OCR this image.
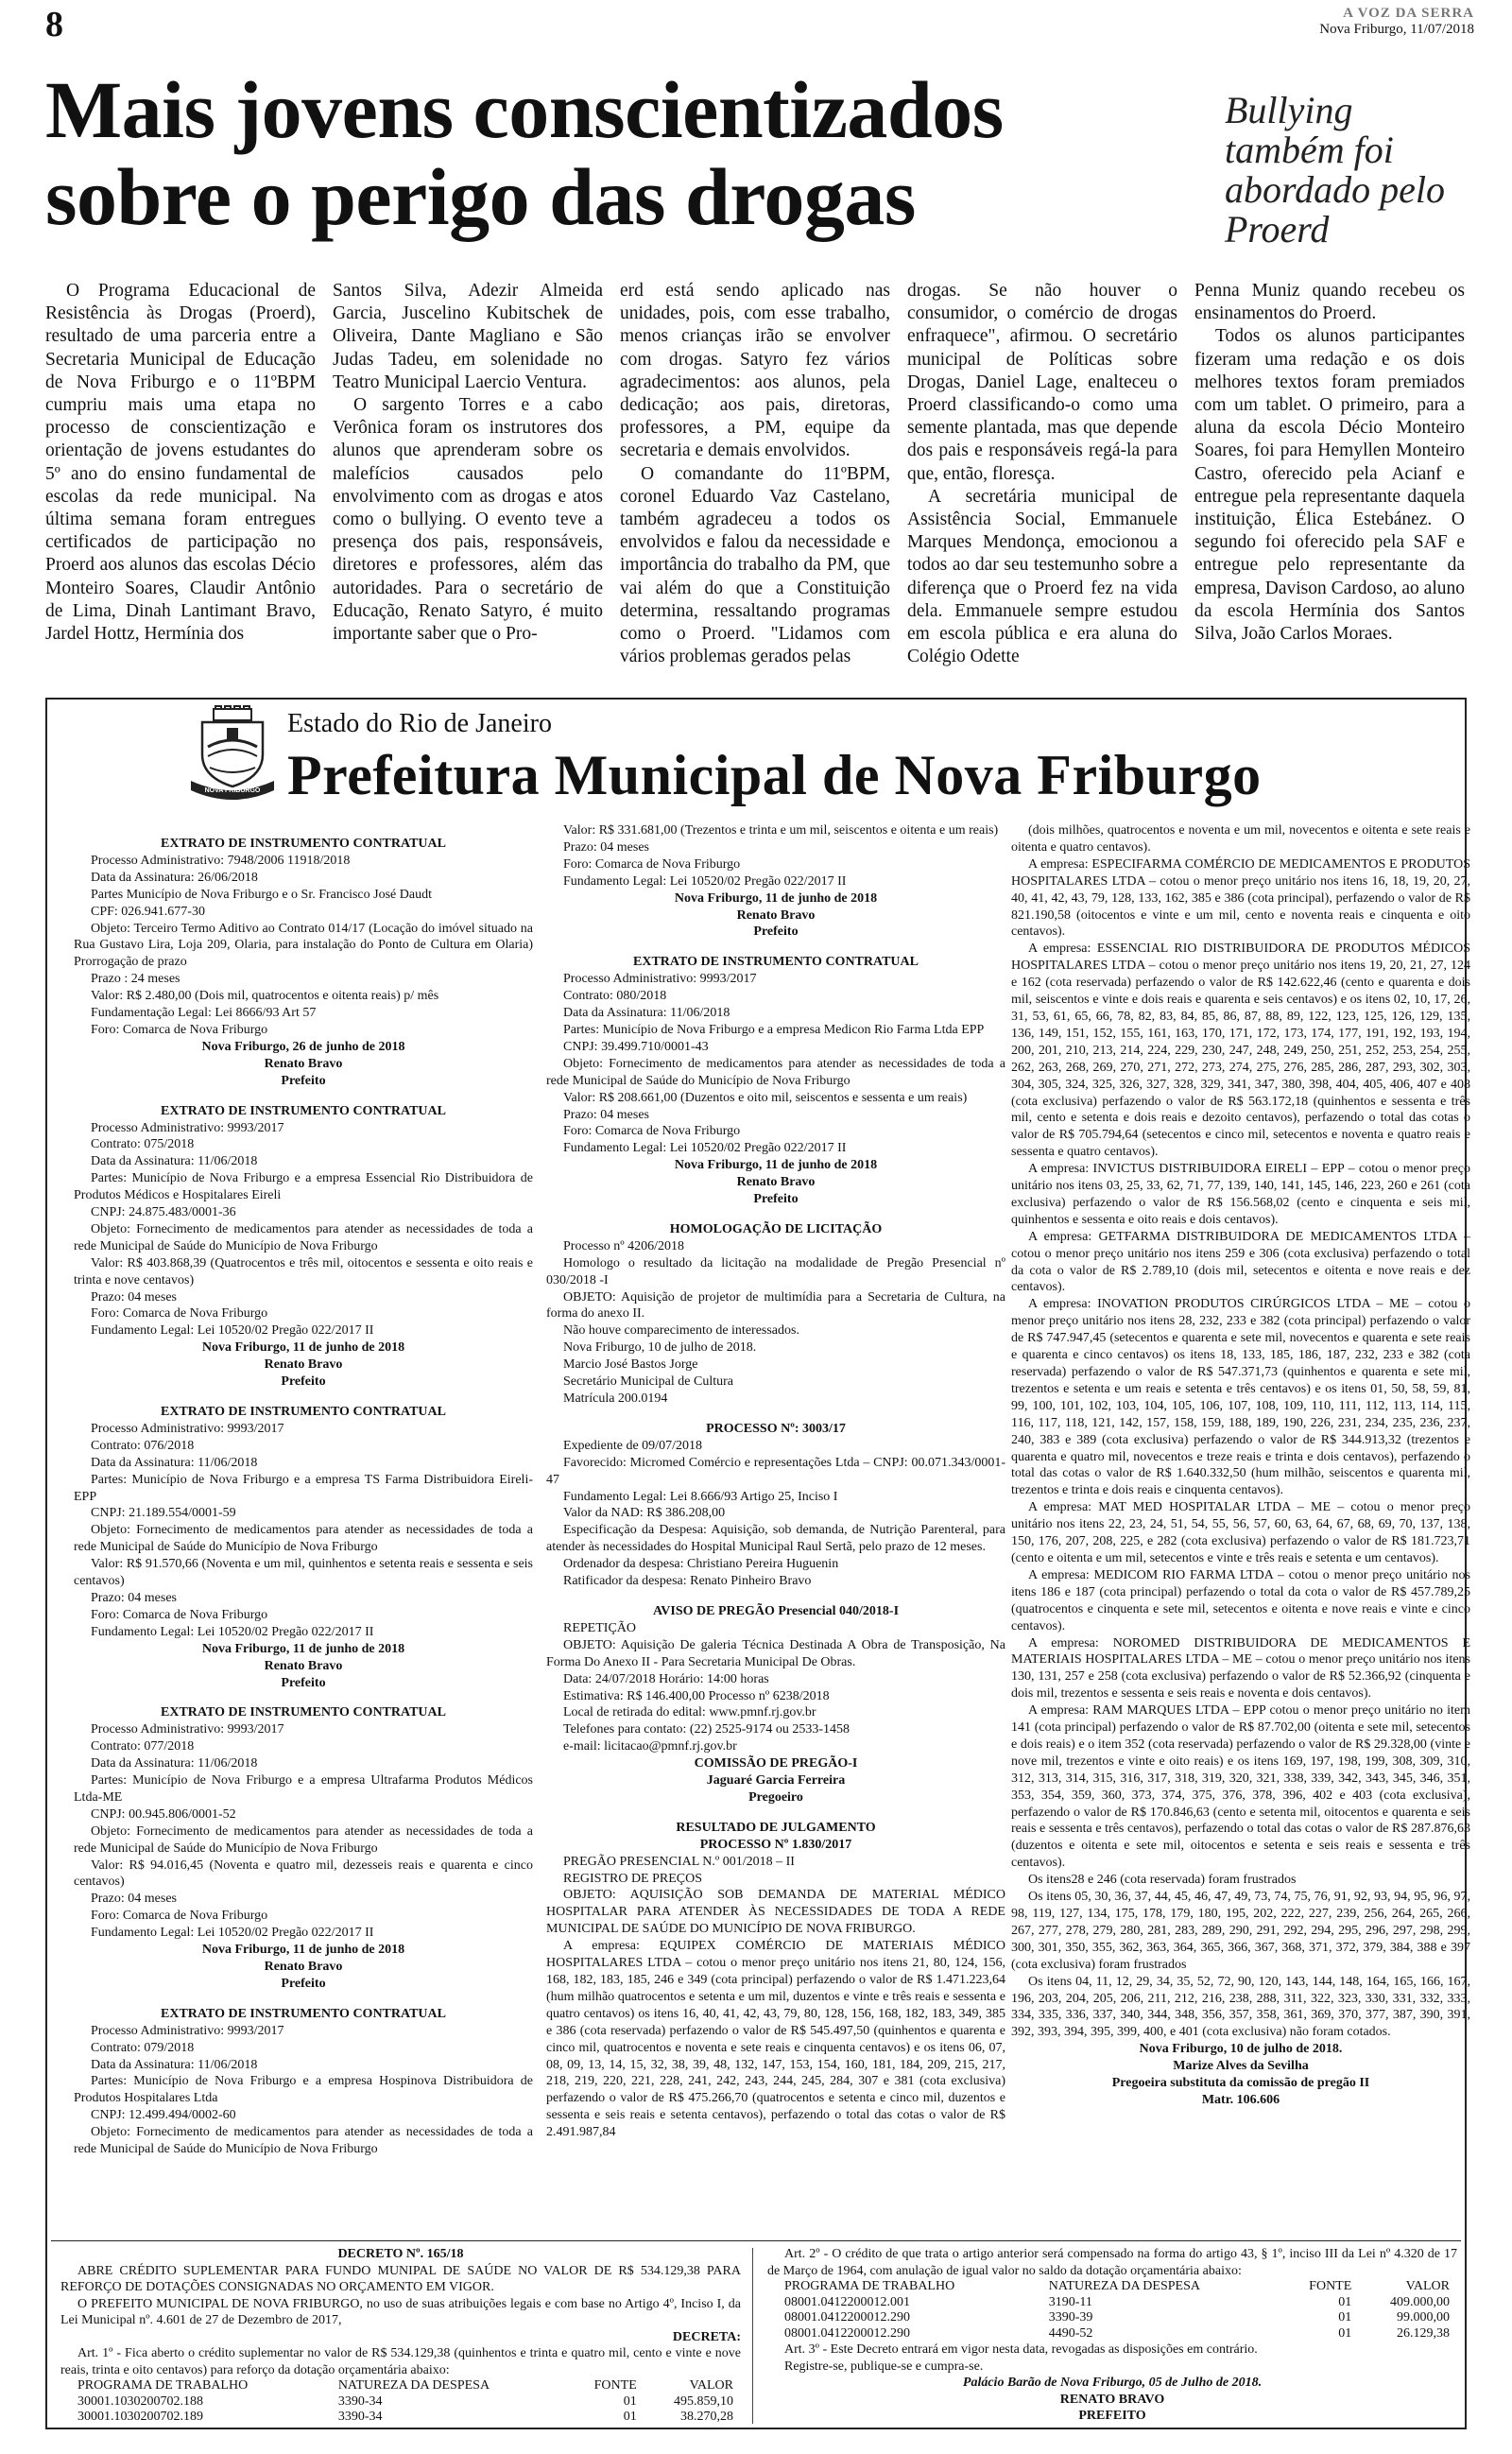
8	A VOZ DA SERRA
Nova Friburgo, 11/07/2018
Mais jovens conscientizados sobre o perigo das drogas
Bullying também foi abordado pelo Proerd

O Programa Educacional de Resistência às Drogas (Proerd), resultado de uma parceria entre a Secretaria Municipal de Educação de Nova Friburgo e o 11ºBPM cumpriu mais uma etapa no processo de conscientização e orientação de jovens estudantes do 5º ano do ensino fundamental de escolas da rede municipal. Na última semana foram entregues certificados de participação no Proerd aos alunos das escolas Décio Monteiro Soares, Claudir Antônio de Lima, Dinah Lantimant Bravo, Jardel Hottz, Hermínia dos

Santos Silva, Adezir Almeida Garcia, Juscelino Kubitschek de Oliveira, Dante Magliano e São Judas Tadeu, em solenidade no Teatro Municipal Laercio Ventura.

O sargento Torres e a cabo Verônica foram os instrutores dos alunos que aprenderam sobre os malefícios causados pelo envolvimento com as drogas e atos como o bullying. O evento teve a presença dos pais, responsáveis, diretores e professores, além das autoridades. Para o secretário de Educação, Renato Satyro, é muito importante saber que o Pro-

erd está sendo aplicado nas unidades, pois, com esse trabalho, menos crianças irão se envolver com drogas. Satyro fez vários agradecimentos: aos alunos, pela dedicação; aos pais, diretoras, professores, a PM, equipe da secretaria e demais envolvidos.

O comandante do 11ºBPM, coronel Eduardo Vaz Castelano, também agradeceu a todos os envolvidos e falou da necessidade e importância do trabalho da PM, que vai além do que a Constituição determina, ressaltando programas como o Proerd. "Lidamos com vários problemas gerados pelas

drogas. Se não houver o consumidor, o comércio de drogas enfraquece", afirmou. O secretário municipal de Políticas sobre Drogas, Daniel Lage, enalteceu o Proerd classificando-o como uma semente plantada, mas que depende dos pais e responsáveis regá-la para que, então, floresça.

A secretária municipal de Assistência Social, Emmanuele Marques Mendonça, emocionou a todos ao dar seu testemunho sobre a diferença que o Proerd fez na vida dela. Emmanuele sempre estudou em escola pública e era aluna do Colégio Odette

Penna Muniz quando recebeu os ensinamentos do Proerd.

Todos os alunos participantes fizeram uma redação e os dois melhores textos foram premiados com um tablet. O primeiro, para a aluna da escola Décio Monteiro Soares, foi para Hemyllen Monteiro Castro, oferecido pela Acianf e entregue pela representante daquela instituição, Élica Estebánez. O segundo foi oferecido pela SAF e entregue pelo representante da empresa, Davison Cardoso, ao aluno da escola Hermínia dos Santos Silva, João Carlos Moraes.

NOVA FRIBURGO
Estado do Rio de Janeiro
Prefeitura Municipal de Nova Friburgo

EXTRATO DE INSTRUMENTO CONTRATUAL

Processo Administrativo: 7948/2006 11918/2018

Data da Assinatura: 26/06/2018

Partes Município de Nova Friburgo e o Sr. Francisco José Daudt

CPF: 026.941.677-30

Objeto: Terceiro Termo Aditivo ao Contrato 014/17 (Locação do imóvel situado na Rua Gustavo Lira, Loja 209, Olaria, para instalação do Ponto de Cultura em Olaria) Prorrogação de prazo

Prazo : 24 meses

Valor: R$ 2.480,00 (Dois mil, quatrocentos e oitenta reais) p/ mês

Fundamentação Legal: Lei 8666/93 Art 57

Foro: Comarca de Nova Friburgo

Nova Friburgo, 26 de junho de 2018

Renato Bravo

Prefeito

EXTRATO DE INSTRUMENTO CONTRATUAL

Processo Administrativo: 9993/2017

Contrato: 075/2018

Data da Assinatura: 11/06/2018

Partes: Município de Nova Friburgo e a empresa Essencial Rio Distribuidora de Produtos Médicos e Hospitalares Eireli

CNPJ: 24.875.483/0001-36

Objeto: Fornecimento de medicamentos para atender as necessidades de toda a rede Municipal de Saúde do Município de Nova Friburgo

Valor: R$ 403.868,39 (Quatrocentos e três mil, oitocentos e sessenta e oito reais e trinta e nove centavos)

Prazo: 04 meses

Foro: Comarca de Nova Friburgo

Fundamento Legal: Lei 10520/02 Pregão 022/2017 II

Nova Friburgo, 11 de junho de 2018

Renato Bravo

Prefeito

EXTRATO DE INSTRUMENTO CONTRATUAL

Processo Administrativo: 9993/2017

Contrato: 076/2018

Data da Assinatura: 11/06/2018

Partes: Município de Nova Friburgo e a empresa TS Farma Distribuidora Eireli-EPP

CNPJ: 21.189.554/0001-59

Objeto: Fornecimento de medicamentos para atender as necessidades de toda a rede Municipal de Saúde do Município de Nova Friburgo

Valor: R$ 91.570,66 (Noventa e um mil, quinhentos e setenta reais e sessenta e seis centavos)

Prazo: 04 meses

Foro: Comarca de Nova Friburgo

Fundamento Legal: Lei 10520/02 Pregão 022/2017 II

Nova Friburgo, 11 de junho de 2018

Renato Bravo

Prefeito

EXTRATO DE INSTRUMENTO CONTRATUAL

Processo Administrativo: 9993/2017

Contrato: 077/2018

Data da Assinatura: 11/06/2018

Partes: Município de Nova Friburgo e a empresa Ultrafarma Produtos Médicos Ltda-ME

CNPJ: 00.945.806/0001-52

Objeto: Fornecimento de medicamentos para atender as necessidades de toda a rede Municipal de Saúde do Município de Nova Friburgo

Valor: R$ 94.016,45 (Noventa e quatro mil, dezesseis reais e quarenta e cinco centavos)

Prazo: 04 meses

Foro: Comarca de Nova Friburgo

Fundamento Legal: Lei 10520/02 Pregão 022/2017 II

Nova Friburgo, 11 de junho de 2018

Renato Bravo

Prefeito

EXTRATO DE INSTRUMENTO CONTRATUAL

Processo Administrativo: 9993/2017

Contrato: 079/2018

Data da Assinatura: 11/06/2018

Partes: Município de Nova Friburgo e a empresa Hospinova Distribuidora de Produtos Hospitalares Ltda

CNPJ: 12.499.494/0002-60

Objeto: Fornecimento de medicamentos para atender as necessidades de toda a rede Municipal de Saúde do Município de Nova Friburgo

Valor: R$ 331.681,00 (Trezentos e trinta e um mil, seiscentos e oitenta e um reais)

Prazo: 04 meses

Foro: Comarca de Nova Friburgo

Fundamento Legal: Lei 10520/02 Pregão 022/2017 II

Nova Friburgo, 11 de junho de 2018

Renato Bravo

Prefeito

EXTRATO DE INSTRUMENTO CONTRATUAL

Processo Administrativo: 9993/2017

Contrato: 080/2018

Data da Assinatura: 11/06/2018

Partes: Município de Nova Friburgo e a empresa Medicon Rio Farma Ltda EPP

CNPJ: 39.499.710/0001-43

Objeto: Fornecimento de medicamentos para atender as necessidades de toda a rede Municipal de Saúde do Município de Nova Friburgo

Valor: R$ 208.661,00 (Duzentos e oito mil, seiscentos e sessenta e um reais)

Prazo: 04 meses

Foro: Comarca de Nova Friburgo

Fundamento Legal: Lei 10520/02 Pregão 022/2017 II

Nova Friburgo, 11 de junho de 2018

Renato Bravo

Prefeito

HOMOLOGAÇÃO DE LICITAÇÃO

Processo nº 4206/2018

Homologo o resultado da licitação na modalidade de Pregão Presencial nº 030/2018 -I

OBJETO: Aquisição de projetor de multimídia para a Secretaria de Cultura, na forma do anexo II.

Não houve comparecimento de interessados.

Nova Friburgo, 10 de julho de 2018.

Marcio José Bastos Jorge

Secretário Municipal de Cultura

Matrícula 200.0194

PROCESSO Nº: 3003/17

Expediente de 09/07/2018

Favorecido: Micromed Comércio e representações Ltda – CNPJ: 00.071.343/0001-47

Fundamento Legal: Lei 8.666/93 Artigo 25, Inciso I

Valor da NAD: R$ 386.208,00

Especificação da Despesa: Aquisição, sob demanda, de Nutrição Parenteral, para atender às necessidades do Hospital Municipal Raul Sertã, pelo prazo de 12 meses.

Ordenador da despesa: Christiano Pereira Huguenin

Ratificador da despesa: Renato Pinheiro Bravo

AVISO DE PREGÃO Presencial 040/2018-I

REPETIÇÃO

OBJETO: Aquisição De galeria Técnica Destinada A Obra de Transposição, Na Forma Do Anexo II - Para Secretaria Municipal De Obras.

Data: 24/07/2018 Horário: 14:00 horas

Estimativa: R$ 146.400,00 Processo nº 6238/2018

Local de retirada do edital: www.pmnf.rj.gov.br

Telefones para contato: (22) 2525-9174 ou 2533-1458

e-mail: licitacao@pmnf.rj.gov.br

COMISSÃO DE PREGÃO-I

Jaguaré Garcia Ferreira

Pregoeiro

RESULTADO DE JULGAMENTO

PROCESSO Nº 1.830/2017

PREGÃO PRESENCIAL N.º 001/2018 – II

REGISTRO DE PREÇOS

OBJETO: AQUISIÇÃO SOB DEMANDA DE MATERIAL MÉDICO HOSPITALAR PARA ATENDER ÀS NECESSIDADES DE TODA A REDE MUNICIPAL DE SAÚDE DO MUNICÍPIO DE NOVA FRIBURGO.

A empresa: EQUIPEX COMÉRCIO DE MATERIAIS MÉDICO HOSPITALARES LTDA – cotou o menor preço unitário nos itens 21, 80, 124, 156, 168, 182, 183, 185, 246 e 349 (cota principal) perfazendo o valor de R$ 1.471.223,64 (hum milhão quatrocentos e setenta e um mil, duzentos e vinte e três reais e sessenta e quatro centavos) os itens 16, 40, 41, 42, 43, 79, 80, 128, 156, 168, 182, 183, 349, 385 e 386 (cota reservada) perfazendo o valor de R$ 545.497,50 (quinhentos e quarenta e cinco mil, quatrocentos e noventa e sete reais e cinquenta centavos) e os itens 06, 07, 08, 09, 13, 14, 15, 32, 38, 39, 48, 132, 147, 153, 154, 160, 181, 184, 209, 215, 217, 218, 219, 220, 221, 228, 241, 242, 243, 244, 245, 284, 307 e 381 (cota exclusiva) perfazendo o valor de R$ 475.266,70 (quatrocentos e setenta e cinco mil, duzentos e sessenta e seis reais e setenta centavos), perfazendo o total das cotas o valor de R$ 2.491.987,84

(dois milhões, quatrocentos e noventa e um mil, novecentos e oitenta e sete reais e oitenta e quatro centavos).

A empresa: ESPECIFARMA COMÉRCIO DE MEDICAMENTOS E PRODUTOS HOSPITALARES LTDA – cotou o menor preço unitário nos itens 16, 18, 19, 20, 27, 40, 41, 42, 43, 79, 128, 133, 162, 385 e 386 (cota principal), perfazendo o valor de R$ 821.190,58 (oitocentos e vinte e um mil, cento e noventa reais e cinquenta e oito centavos).

A empresa: ESSENCIAL RIO DISTRIBUIDORA DE PRODUTOS MÉDICOS HOSPITALARES LTDA – cotou o menor preço unitário nos itens 19, 20, 21, 27, 124 e 162 (cota reservada) perfazendo o valor de R$ 142.622,46 (cento e quarenta e dois mil, seiscentos e vinte e dois reais e quarenta e seis centavos) e os itens 02, 10, 17, 26, 31, 53, 61, 65, 66, 78, 82, 83, 84, 85, 86, 87, 88, 89, 122, 123, 125, 126, 129, 135, 136, 149, 151, 152, 155, 161, 163, 170, 171, 172, 173, 174, 177, 191, 192, 193, 194, 200, 201, 210, 213, 214, 224, 229, 230, 247, 248, 249, 250, 251, 252, 253, 254, 255, 262, 263, 268, 269, 270, 271, 272, 273, 274, 275, 276, 285, 286, 287, 293, 302, 303, 304, 305, 324, 325, 326, 327, 328, 329, 341, 347, 380, 398, 404, 405, 406, 407 e 408 (cota exclusiva) perfazendo o valor de R$ 563.172,18 (quinhentos e sessenta e três mil, cento e setenta e dois reais e dezoito centavos), perfazendo o total das cotas o valor de R$ 705.794,64 (setecentos e cinco mil, setecentos e noventa e quatro reais e sessenta e quatro centavos).

A empresa: INVICTUS DISTRIBUIDORA EIRELI – EPP – cotou o menor preço unitário nos itens 03, 25, 33, 62, 71, 77, 139, 140, 141, 145, 146, 223, 260 e 261 (cota exclusiva) perfazendo o valor de R$ 156.568,02 (cento e cinquenta e seis mil, quinhentos e sessenta e oito reais e dois centavos).

A empresa: GETFARMA DISTRIBUIDORA DE MEDICAMENTOS LTDA – cotou o menor preço unitário nos itens 259 e 306 (cota exclusiva) perfazendo o total da cota o valor de R$ 2.789,10 (dois mil, setecentos e oitenta e nove reais e dez centavos).

A empresa: INOVATION PRODUTOS CIRÚRGICOS LTDA – ME – cotou o menor preço unitário nos itens 28, 232, 233 e 382 (cota principal) perfazendo o valor de R$ 747.947,45 (setecentos e quarenta e sete mil, novecentos e quarenta e sete reais e quarenta e cinco centavos) os itens 18, 133, 185, 186, 187, 232, 233 e 382 (cota reservada) perfazendo o valor de R$ 547.371,73 (quinhentos e quarenta e sete mil, trezentos e setenta e um reais e setenta e três centavos) e os itens 01, 50, 58, 59, 81, 99, 100, 101, 102, 103, 104, 105, 106, 107, 108, 109, 110, 111, 112, 113, 114, 115, 116, 117, 118, 121, 142, 157, 158, 159, 188, 189, 190, 226, 231, 234, 235, 236, 237, 240, 383 e 389 (cota exclusiva) perfazendo o valor de R$ 344.913,32 (trezentos e quarenta e quatro mil, novecentos e treze reais e trinta e dois centavos), perfazendo o total das cotas o valor de R$ 1.640.332,50 (hum milhão, seiscentos e quarenta mil, trezentos e trinta e dois reais e cinquenta centavos).

A empresa: MAT MED HOSPITALAR LTDA – ME – cotou o menor preço unitário nos itens 22, 23, 24, 51, 54, 55, 56, 57, 60, 63, 64, 67, 68, 69, 70, 137, 138, 150, 176, 207, 208, 225, e 282 (cota exclusiva) perfazendo o valor de R$ 181.723,71 (cento e oitenta e um mil, setecentos e vinte e três reais e setenta e um centavos).

A empresa: MEDICOM RIO FARMA LTDA – cotou o menor preço unitário nos itens 186 e 187 (cota principal) perfazendo o total da cota o valor de R$ 457.789,25 (quatrocentos e cinquenta e sete mil, setecentos e oitenta e nove reais e vinte e cinco centavos).

A empresa: NOROMED DISTRIBUIDORA DE MEDICAMENTOS E MATERIAIS HOSPITALARES LTDA – ME – cotou o menor preço unitário nos itens 130, 131, 257 e 258 (cota exclusiva) perfazendo o valor de R$ 52.366,92 (cinquenta e dois mil, trezentos e sessenta e seis reais e noventa e dois centavos).

A empresa: RAM MARQUES LTDA – EPP cotou o menor preço unitário no item 141 (cota principal) perfazendo o valor de R$ 87.702,00 (oitenta e sete mil, setecentos e dois reais) e o item 352 (cota reservada) perfazendo o valor de R$ 29.328,00 (vinte e nove mil, trezentos e vinte e oito reais) e os itens 169, 197, 198, 199, 308, 309, 310, 312, 313, 314, 315, 316, 317, 318, 319, 320, 321, 338, 339, 342, 343, 345, 346, 351, 353, 354, 359, 360, 373, 374, 375, 376, 378, 396, 402 e 403 (cota exclusiva), perfazendo o valor de R$ 170.846,63 (cento e setenta mil, oitocentos e quarenta e seis reais e sessenta e três centavos), perfazendo o total das cotas o valor de R$ 287.876,63 (duzentos e oitenta e sete mil, oitocentos e setenta e seis reais e sessenta e três centavos).

Os itens28 e 246 (cota reservada) foram frustrados

Os itens 05, 30, 36, 37, 44, 45, 46, 47, 49, 73, 74, 75, 76, 91, 92, 93, 94, 95, 96, 97, 98, 119, 127, 134, 175, 178, 179, 180, 195, 202, 222, 227, 239, 256, 264, 265, 266, 267, 277, 278, 279, 280, 281, 283, 289, 290, 291, 292, 294, 295, 296, 297, 298, 299, 300, 301, 350, 355, 362, 363, 364, 365, 366, 367, 368, 371, 372, 379, 384, 388 e 397 (cota exclusiva) foram frustrados

Os itens 04, 11, 12, 29, 34, 35, 52, 72, 90, 120, 143, 144, 148, 164, 165, 166, 167, 196, 203, 204, 205, 206, 211, 212, 216, 238, 288, 311, 322, 323, 330, 331, 332, 333, 334, 335, 336, 337, 340, 344, 348, 356, 357, 358, 361, 369, 370, 377, 387, 390, 391, 392, 393, 394, 395, 399, 400, e 401 (cota exclusiva) não foram cotados.

Nova Friburgo, 10 de julho de 2018.

Marize Alves da Sevilha

Pregoeira substituta da comissão de pregão II

Matr. 106.606

DECRETO Nº. 165/18

ABRE CRÉDITO SUPLEMENTAR PARA FUNDO MUNIPAL DE SAÚDE NO VALOR DE R$ 534.129,38 PARA REFORÇO DE DOTAÇÕES CONSIGNADAS NO ORÇAMENTO EM VIGOR.

O PREFEITO MUNICIPAL DE NOVA FRIBURGO, no uso de suas atribuições legais e com base no Artigo 4º, Inciso I, da Lei Municipal nº. 4.601 de 27 de Dezembro de 2017,

DECRETA:

Art. 1º - Fica aberto o crédito suplementar no valor de R$ 534.129,38 (quinhentos e trinta e quatro mil, cento e vinte e nove reais, trinta e oito centavos) para reforço da dotação orçamentária abaixo:

PROGRAMA DE TRABALHO	NATUREZA DA DESPESA	FONTE	VALOR
30001.1030200702.188	3390-34	01	495.859,10
30001.1030200702.189	3390-34	01	38.270,28

Art. 2º - O crédito de que trata o artigo anterior será compensado na forma do artigo 43, § 1º, inciso III da Lei nº 4.320 de 17 de Março de 1964, com anulação de igual valor no saldo da dotação orçamentária abaixo:

PROGRAMA DE TRABALHO	NATUREZA DA DESPESA	FONTE	VALOR
08001.0412200012.001	3190-11	01	409.000,00
08001.0412200012.290	3390-39	01	99.000,00
08001.0412200012.290	4490-52	01	26.129,38

Art. 3º - Este Decreto entrará em vigor nesta data, revogadas as disposições em contrário.

Registre-se, publique-se e cumpra-se.

Palácio Barão de Nova Friburgo, 05 de Julho de 2018.

RENATO BRAVO

PREFEITO
